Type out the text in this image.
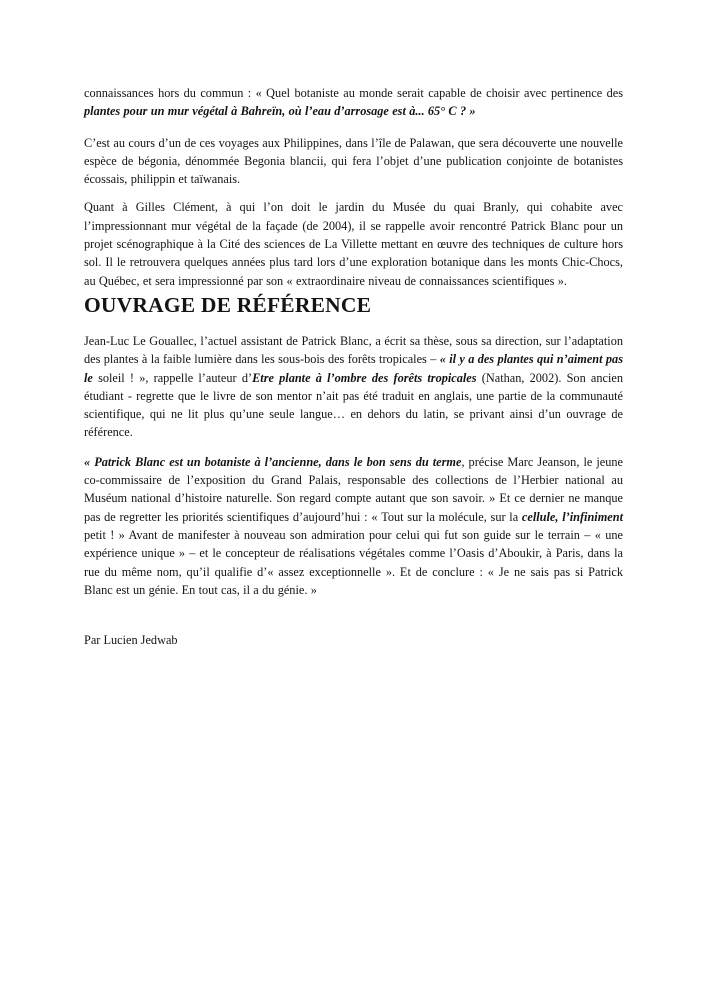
connaissances hors du commun : « Quel botaniste au monde serait capable de choisir avec pertinence des plantes pour un mur végétal à Bahreïn, où l’eau d’arrosage est à... 65° C ? »

C’est au cours d’un de ces voyages aux Philippines, dans l’île de Palawan, que sera découverte une nouvelle espèce de bégonia, dénommée Begonia blancii, qui fera l’objet d’une publication conjointe de botanistes écossais, philippin et taïwanais.

Quant à Gilles Clément, à qui l’on doit le jardin du Musée du quai Branly, qui cohabite avec l’impressionnant mur végétal de la façade (de 2004), il se rappelle avoir rencontré Patrick Blanc pour un projet scénographique à la Cité des sciences de La Villette mettant en œuvre des techniques de culture hors sol. Il le retrouvera quelques années plus tard lors d’une exploration botanique dans les monts Chic-Chocs, au Québec, et sera impressionné par son « extraordinaire niveau de connaissances scientifiques ».

OUVRAGE DE RÉFÉRENCE

Jean-Luc Le Gouallec, l’actuel assistant de Patrick Blanc, a écrit sa thèse, sous sa direction, sur l’adaptation des plantes à la faible lumière dans les sous-bois des forêts tropicales – « il y a des plantes qui n’aiment pas le soleil ! », rappelle l’auteur d’Etre plante à l’ombre des forêts tropicales (Nathan, 2002). Son ancien étudiant - regrette que le livre de son mentor n’ait pas été traduit en anglais, une partie de la communauté scientifique, qui ne lit plus qu’une seule langue… en dehors du latin, se privant ainsi d’un ouvrage de référence.

« Patrick Blanc est un botaniste à l’ancienne, dans le bon sens du terme, précise Marc Jeanson, le jeune co-commissaire de l’exposition du Grand Palais, responsable des collections de l’Herbier national au Muséum national d’histoire naturelle. Son regard compte autant que son savoir. » Et ce dernier ne manque pas de regretter les priorités scientifiques d’aujourd’hui : « Tout sur la molécule, sur la cellule, l’infiniment petit ! » Avant de manifester à nouveau son admiration pour celui qui fut son guide sur le terrain – « une expérience unique » – et le concepteur de réalisations végétales comme l’Oasis d’Aboukir, à Paris, dans la rue du même nom, qu’il qualifie d’« assez exceptionnelle ». Et de conclure : « Je ne sais pas si Patrick Blanc est un génie. En tout cas, il a du génie. »

Par Lucien Jedwab
